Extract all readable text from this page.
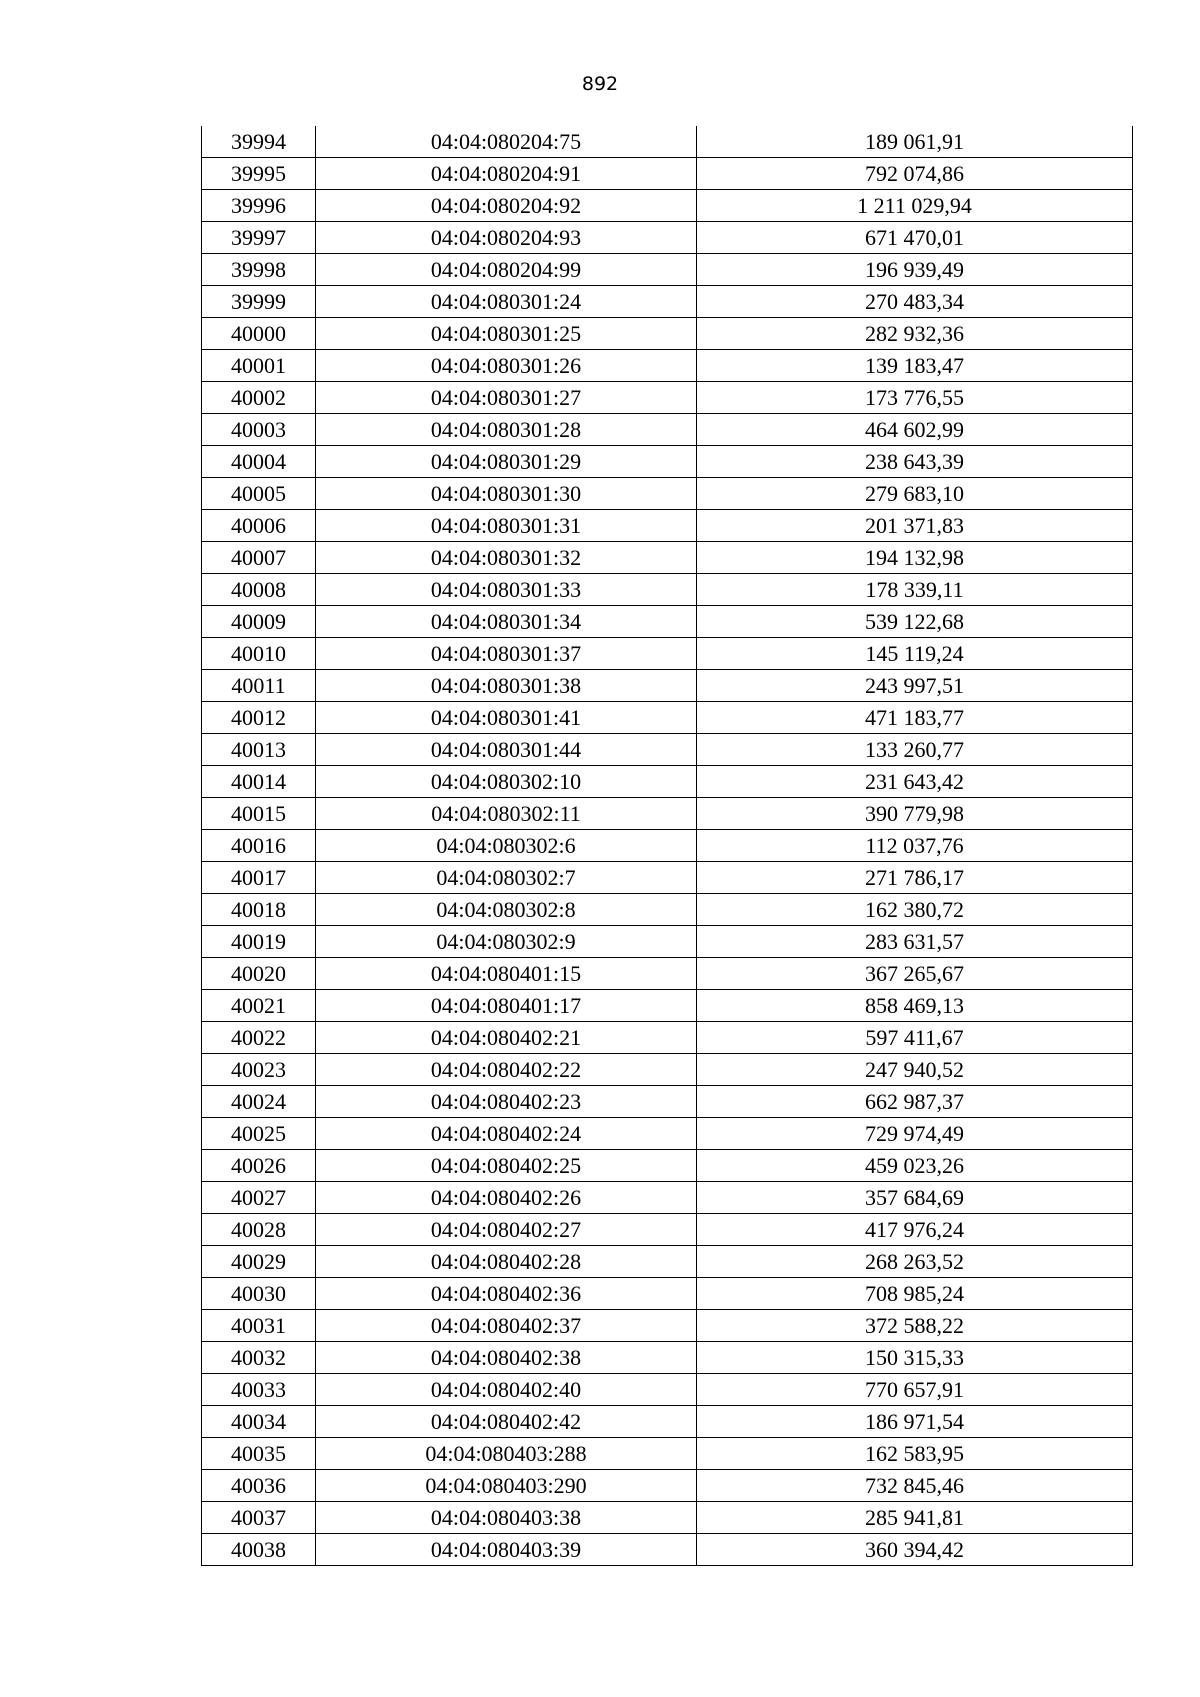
892
39994	04:04:080204:75	189 061,91
39995	04:04:080204:91	792 074,86
39996	04:04:080204:92	1 211 029,94
39997	04:04:080204:93	671 470,01
39998	04:04:080204:99	196 939,49
39999	04:04:080301:24	270 483,34
40000	04:04:080301:25	282 932,36
40001	04:04:080301:26	139 183,47
40002	04:04:080301:27	173 776,55
40003	04:04:080301:28	464 602,99
40004	04:04:080301:29	238 643,39
40005	04:04:080301:30	279 683,10
40006	04:04:080301:31	201 371,83
40007	04:04:080301:32	194 132,98
40008	04:04:080301:33	178 339,11
40009	04:04:080301:34	539 122,68
40010	04:04:080301:37	145 119,24
40011	04:04:080301:38	243 997,51
40012	04:04:080301:41	471 183,77
40013	04:04:080301:44	133 260,77
40014	04:04:080302:10	231 643,42
40015	04:04:080302:11	390 779,98
40016	04:04:080302:6	112 037,76
40017	04:04:080302:7	271 786,17
40018	04:04:080302:8	162 380,72
40019	04:04:080302:9	283 631,57
40020	04:04:080401:15	367 265,67
40021	04:04:080401:17	858 469,13
40022	04:04:080402:21	597 411,67
40023	04:04:080402:22	247 940,52
40024	04:04:080402:23	662 987,37
40025	04:04:080402:24	729 974,49
40026	04:04:080402:25	459 023,26
40027	04:04:080402:26	357 684,69
40028	04:04:080402:27	417 976,24
40029	04:04:080402:28	268 263,52
40030	04:04:080402:36	708 985,24
40031	04:04:080402:37	372 588,22
40032	04:04:080402:38	150 315,33
40033	04:04:080402:40	770 657,91
40034	04:04:080402:42	186 971,54
40035	04:04:080403:288	162 583,95
40036	04:04:080403:290	732 845,46
40037	04:04:080403:38	285 941,81
40038	04:04:080403:39	360 394,42
